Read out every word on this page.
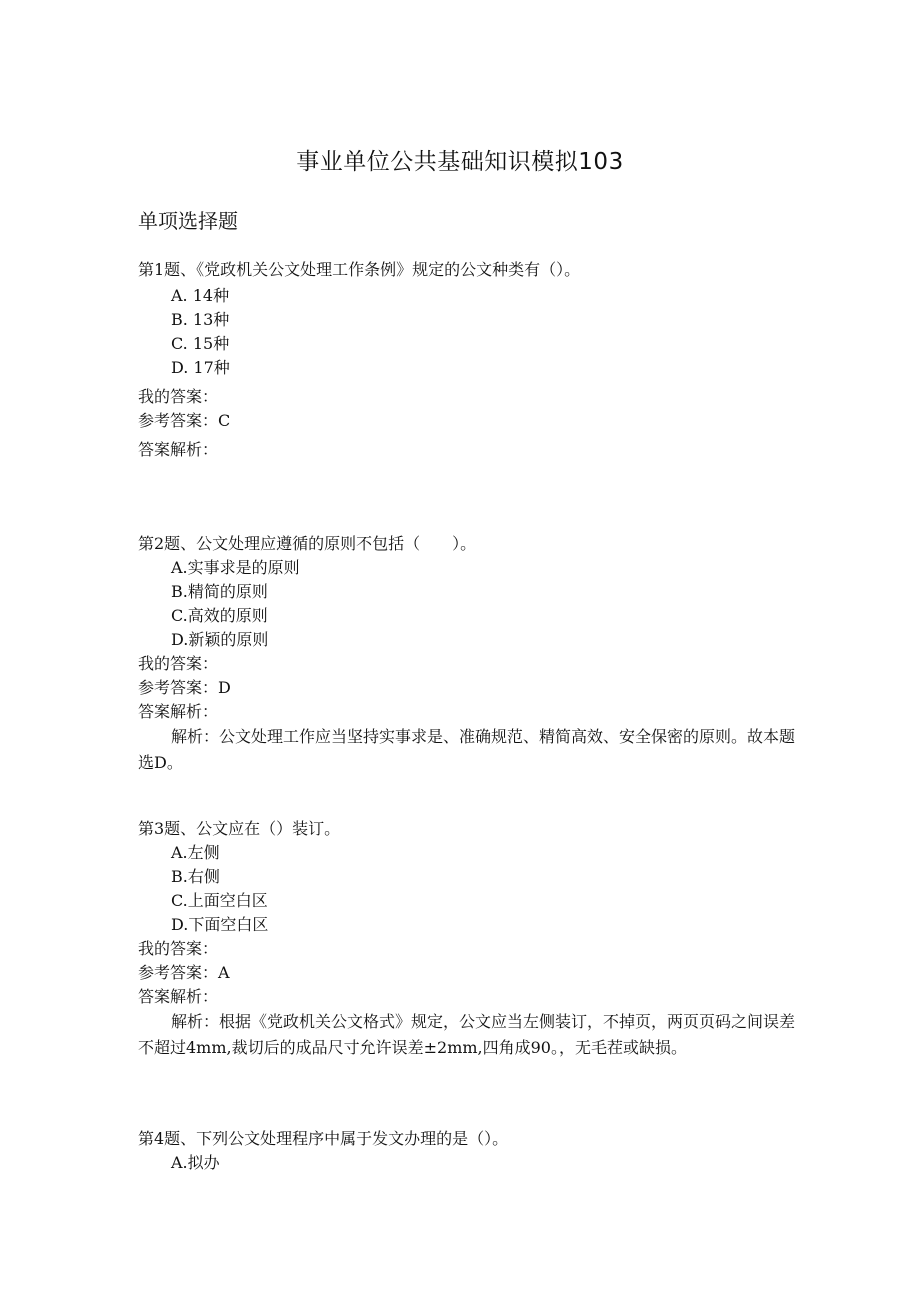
事业单位公共基础知识模拟103
单项选择题
第1题、《党政机关公文处理工作条例》规定的公文种类有（）。
A. 14种
B. 13种
C. 15种
D. 17种
我的答案：
参考答案：C
答案解析：
第2题、公文处理应遵循的原则不包括（　　）。
A.实事求是的原则
B.精简的原则
C.高效的原则
D.新颖的原则
我的答案：
参考答案：D
答案解析：
解析：公文处理工作应当坚持实事求是、准确规范、精简高效、安全保密的原则。故本题选D。
第3题、公文应在（）装订。
A.左侧
B.右侧
C.上面空白区
D.下面空白区
我的答案：
参考答案：A
答案解析：
解析：根据《党政机关公文格式》规定，公文应当左侧装订，不掉页，两页页码之间误差不超过4mm,裁切后的成品尺寸允许误差±2mm,四角成90。，无毛茬或缺损。
第4题、下列公文处理程序中属于发文办理的是（）。
A.拟办
